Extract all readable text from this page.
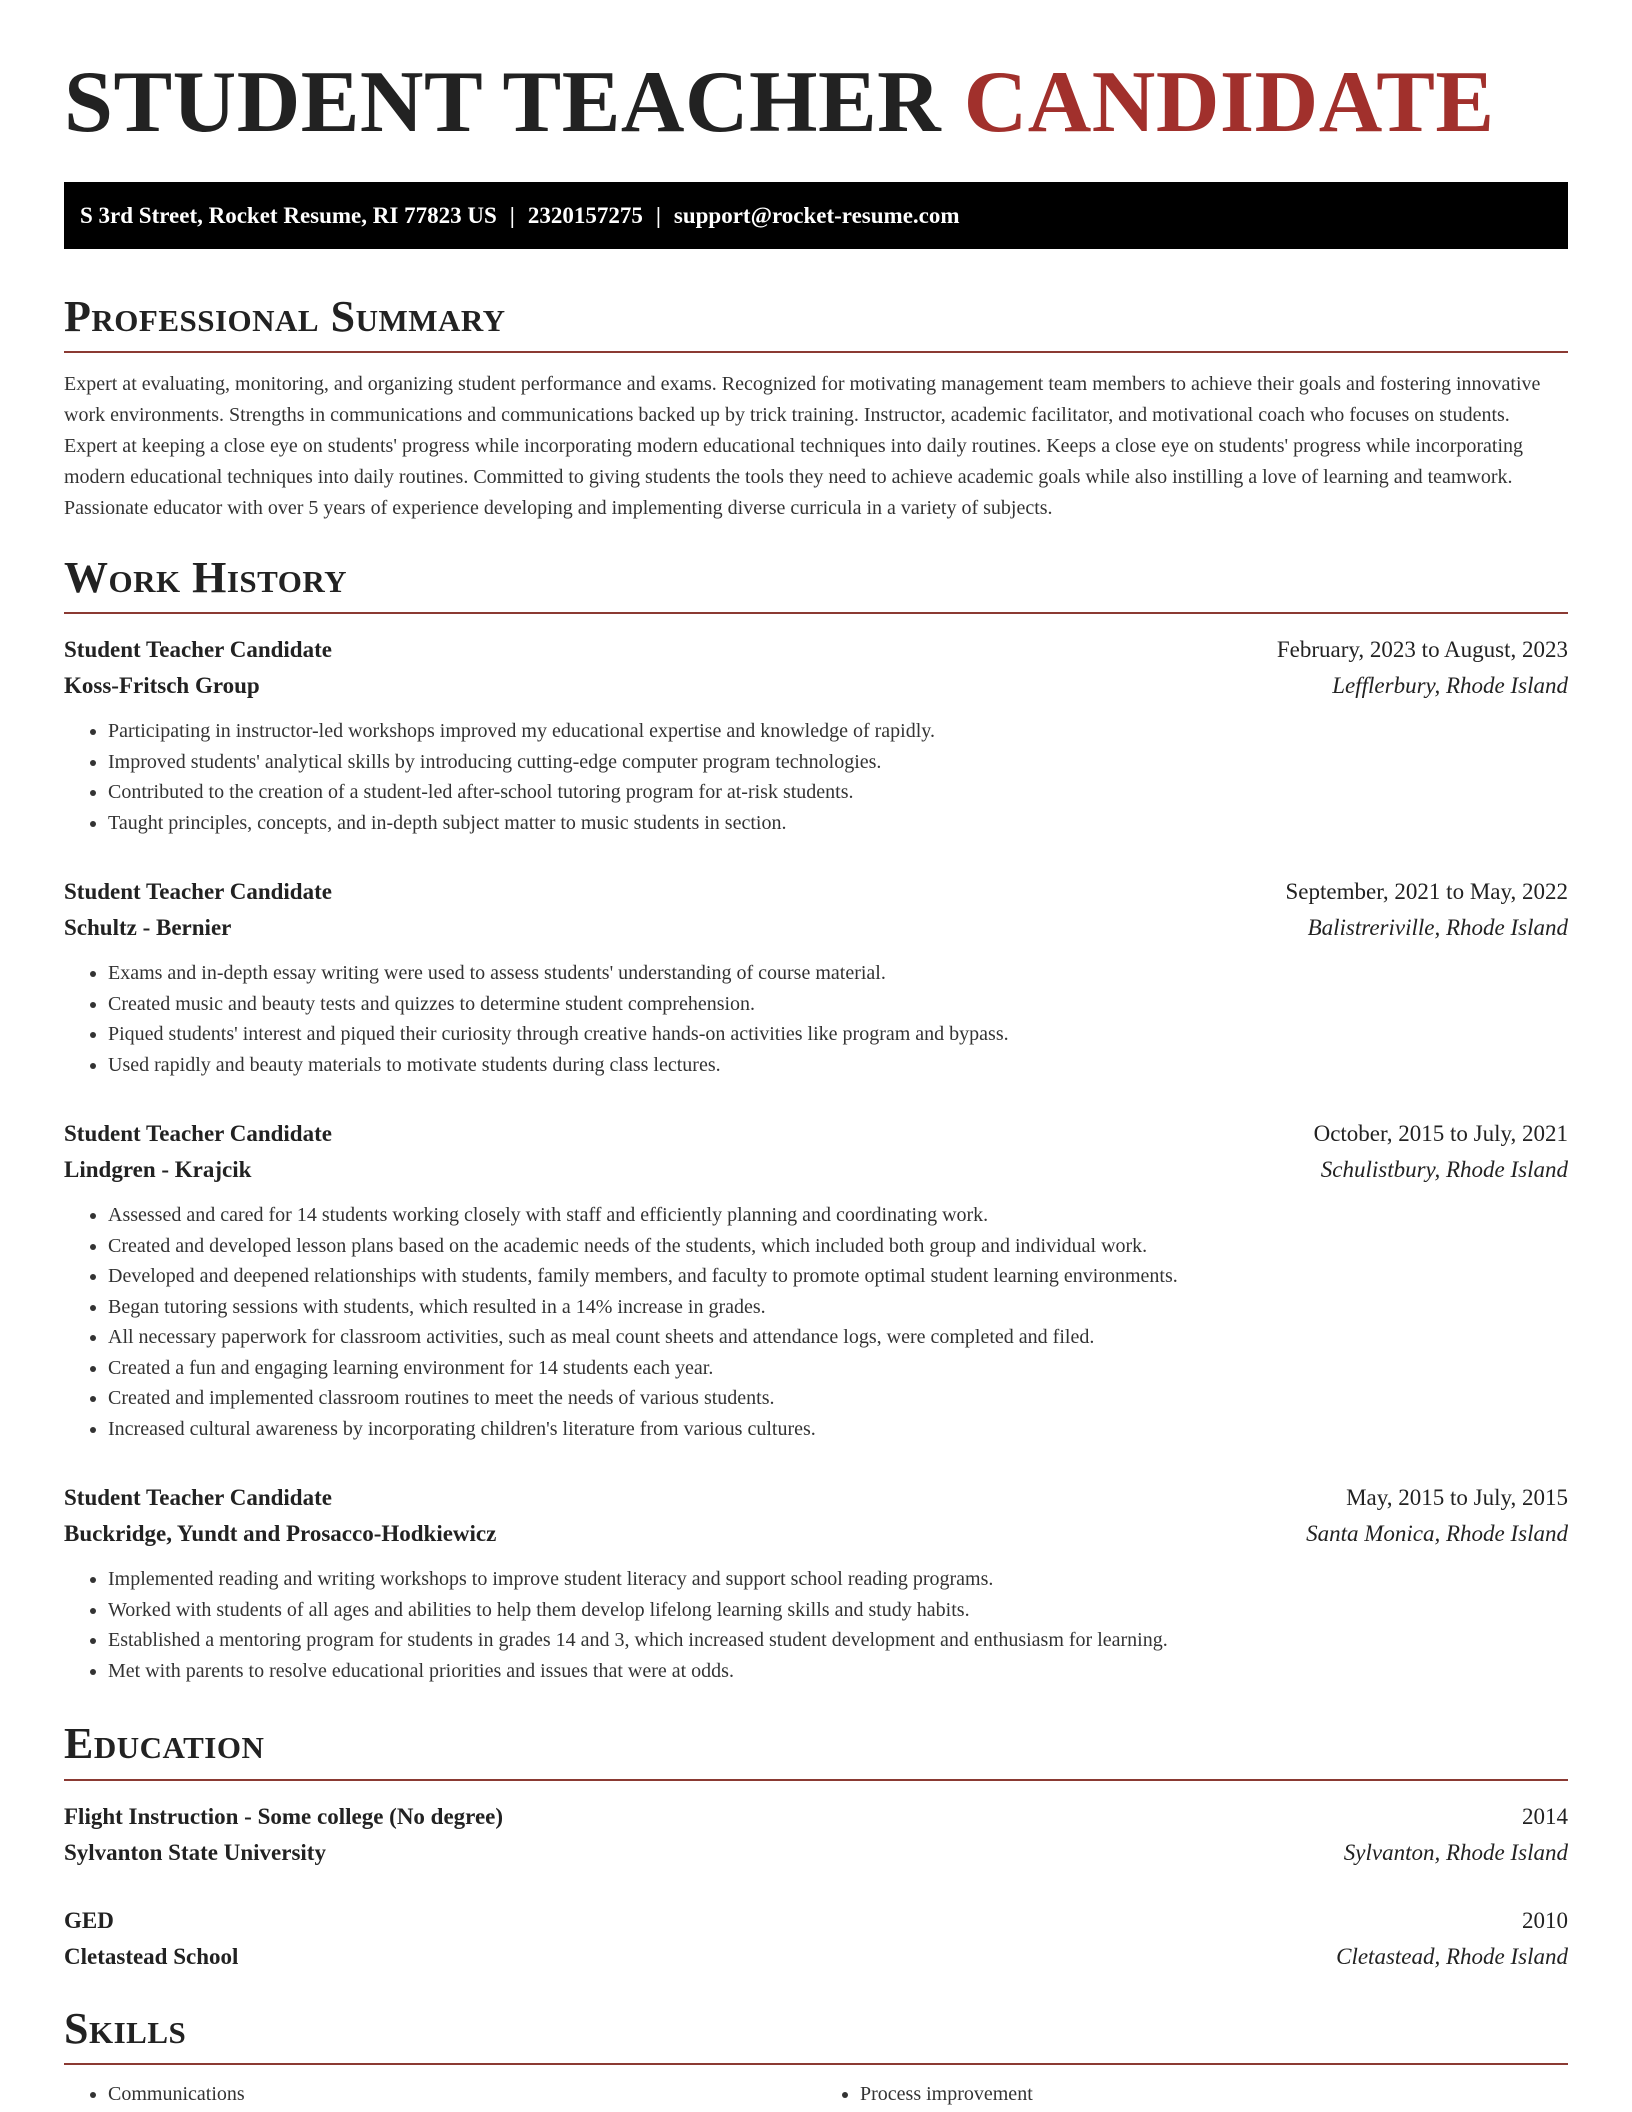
STUDENT TEACHER CANDIDATE
S 3rd Street, Rocket Resume, RI 77823 US | 2320157275 | support@rocket-resume.com
Professional Summary

Expert at evaluating, monitoring, and organizing student performance and exams. Recognized for motivating management team members to achieve their goals and fostering innovative work environments. Strengths in communications and communications backed up by trick training. Instructor, academic facilitator, and motivational coach who focuses on students. Expert at keeping a close eye on students' progress while incorporating modern educational techniques into daily routines. Keeps a close eye on students' progress while incorporating modern educational techniques into daily routines. Committed to giving students the tools they need to achieve academic goals while also instilling a love of learning and teamwork. Passionate educator with over 5 years of experience developing and implementing diverse curricula in a variety of subjects.

Work History
Student Teacher Candidate	February, 2023 to August, 2023
Koss-Fritsch Group	Lefflerbury, Rhode Island
• Participating in instructor-led workshops improved my educational expertise and knowledge of rapidly.
• Improved students' analytical skills by introducing cutting-edge computer program technologies.
• Contributed to the creation of a student-led after-school tutoring program for at-risk students.
• Taught principles, concepts, and in-depth subject matter to music students in section.
Student Teacher Candidate	September, 2021 to May, 2022
Schultz - Bernier	Balistreriville, Rhode Island
• Exams and in-depth essay writing were used to assess students' understanding of course material.
• Created music and beauty tests and quizzes to determine student comprehension.
• Piqued students' interest and piqued their curiosity through creative hands-on activities like program and bypass.
• Used rapidly and beauty materials to motivate students during class lectures.
Student Teacher Candidate	October, 2015 to July, 2021
Lindgren - Krajcik	Schulistbury, Rhode Island
• Assessed and cared for 14 students working closely with staff and efficiently planning and coordinating work.
• Created and developed lesson plans based on the academic needs of the students, which included both group and individual work.
• Developed and deepened relationships with students, family members, and faculty to promote optimal student learning environments.
• Began tutoring sessions with students, which resulted in a 14% increase in grades.
• All necessary paperwork for classroom activities, such as meal count sheets and attendance logs, were completed and filed.
• Created a fun and engaging learning environment for 14 students each year.
• Created and implemented classroom routines to meet the needs of various students.
• Increased cultural awareness by incorporating children's literature from various cultures.
Student Teacher Candidate	May, 2015 to July, 2015
Buckridge, Yundt and Prosacco-Hodkiewicz	Santa Monica, Rhode Island
• Implemented reading and writing workshops to improve student literacy and support school reading programs.
• Worked with students of all ages and abilities to help them develop lifelong learning skills and study habits.
• Established a mentoring program for students in grades 14 and 3, which increased student development and enthusiasm for learning.
• Met with parents to resolve educational priorities and issues that were at odds.
Education
Flight Instruction - Some college (No degree)	2014
Sylvanton State University	Sylvanton, Rhode Island
GED	2010
Cletastead School	Cletastead, Rhode Island
Skills
• Communications
•	Process improvement
